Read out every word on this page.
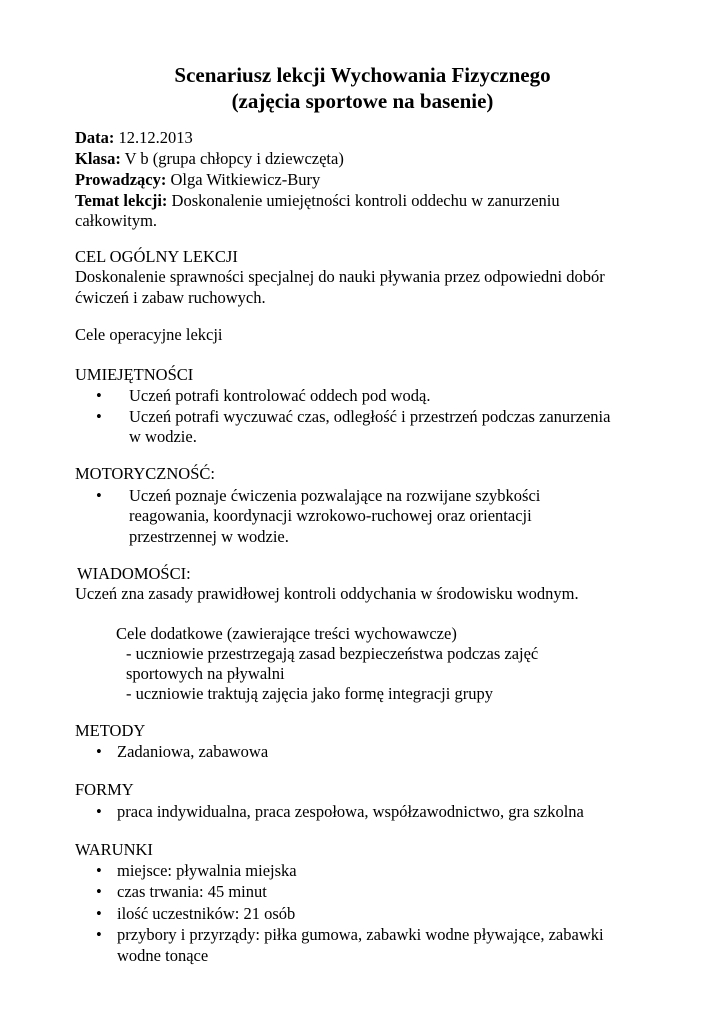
Scenariusz lekcji Wychowania Fizycznego
(zajęcia sportowe na basenie)
Data: 12.12.2013
Klasa: V b (grupa chłopcy i dziewczęta)
Prowadzący: Olga Witkiewicz-Bury
Temat lekcji: Doskonalenie umiejętności kontroli oddechu w zanurzeniu
całkowitym.
CEL OGÓLNY LEKCJI
Doskonalenie sprawności specjalnej do nauki pływania przez odpowiedni dobór
ćwiczeń i zabaw ruchowych.
Cele operacyjne lekcji
UMIEJĘTNOŚCI
• Uczeń potrafi kontrolować oddech pod wodą.
• Uczeń potrafi wyczuwać czas, odległość i przestrzeń podczas zanurzenia
w wodzie.
MOTORYCZNOŚĆ:
• Uczeń poznaje ćwiczenia pozwalające na rozwijane szybkości
reagowania, koordynacji wzrokowo-ruchowej oraz orientacji
przestrzennej w wodzie.
WIADOMOŚCI:
Uczeń zna zasady prawidłowej kontroli oddychania w środowisku wodnym.
Cele dodatkowe (zawierające treści wychowawcze)
- uczniowie przestrzegają zasad bezpieczeństwa podczas zajęć
sportowych na pływalni
- uczniowie traktują zajęcia jako formę integracji grupy
METODY
• Zadaniowa, zabawowa
FORMY
• praca indywidualna, praca zespołowa, współzawodnictwo, gra szkolna
WARUNKI
• miejsce: pływalnia miejska
• czas trwania: 45 minut
• ilość uczestników: 21 osób
• przybory i przyrządy: piłka gumowa, zabawki wodne pływające, zabawki
wodne tonące
